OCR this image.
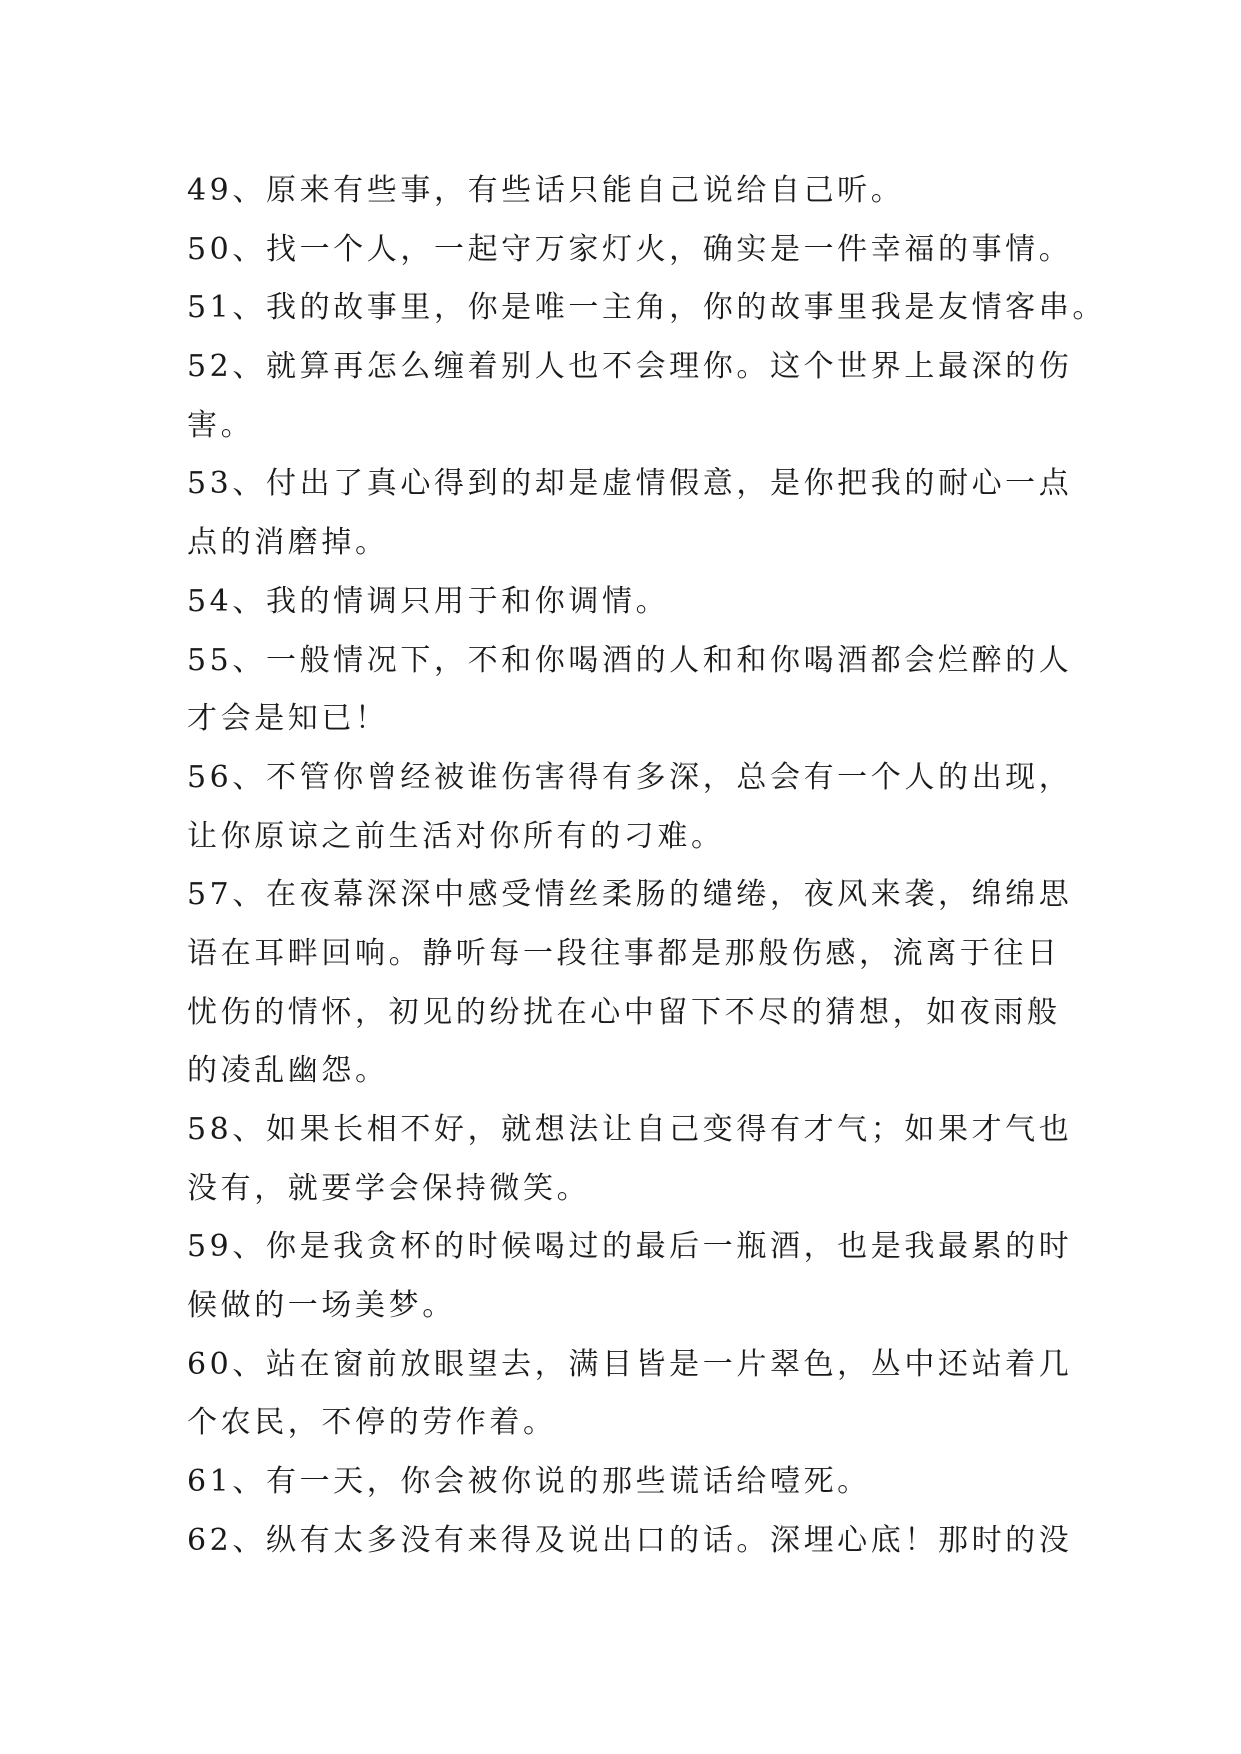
49、原来有些事，有些话只能自己说给自己听。
50、找一个人，一起守万家灯火，确实是一件幸福的事情。
51、我的故事里，你是唯一主角，你的故事里我是友情客串。
52、就算再怎么缠着别人也不会理你。这个世界上最深的伤
害。
53、付出了真心得到的却是虚情假意，是你把我的耐心一点
点的消磨掉。
54、我的情调只用于和你调情。
55、一般情况下，不和你喝酒的人和和你喝酒都会烂醉的人
才会是知已！
56、不管你曾经被谁伤害得有多深，总会有一个人的出现，
让你原谅之前生活对你所有的刁难。
57、在夜幕深深中感受情丝柔肠的缱绻，夜风来袭，绵绵思
语在耳畔回响。静听每一段往事都是那般伤感，流离于往日
忧伤的情怀，初见的纷扰在心中留下不尽的猜想，如夜雨般
的凌乱幽怨。
58、如果长相不好，就想法让自己变得有才气；如果才气也
没有，就要学会保持微笑。
59、你是我贪杯的时候喝过的最后一瓶酒，也是我最累的时
候做的一场美梦。
60、站在窗前放眼望去，满目皆是一片翠色，丛中还站着几
个农民，不停的劳作着。
61、有一天，你会被你说的那些谎话给噎死。
62、纵有太多没有来得及说出口的话。深埋心底！那时的没
